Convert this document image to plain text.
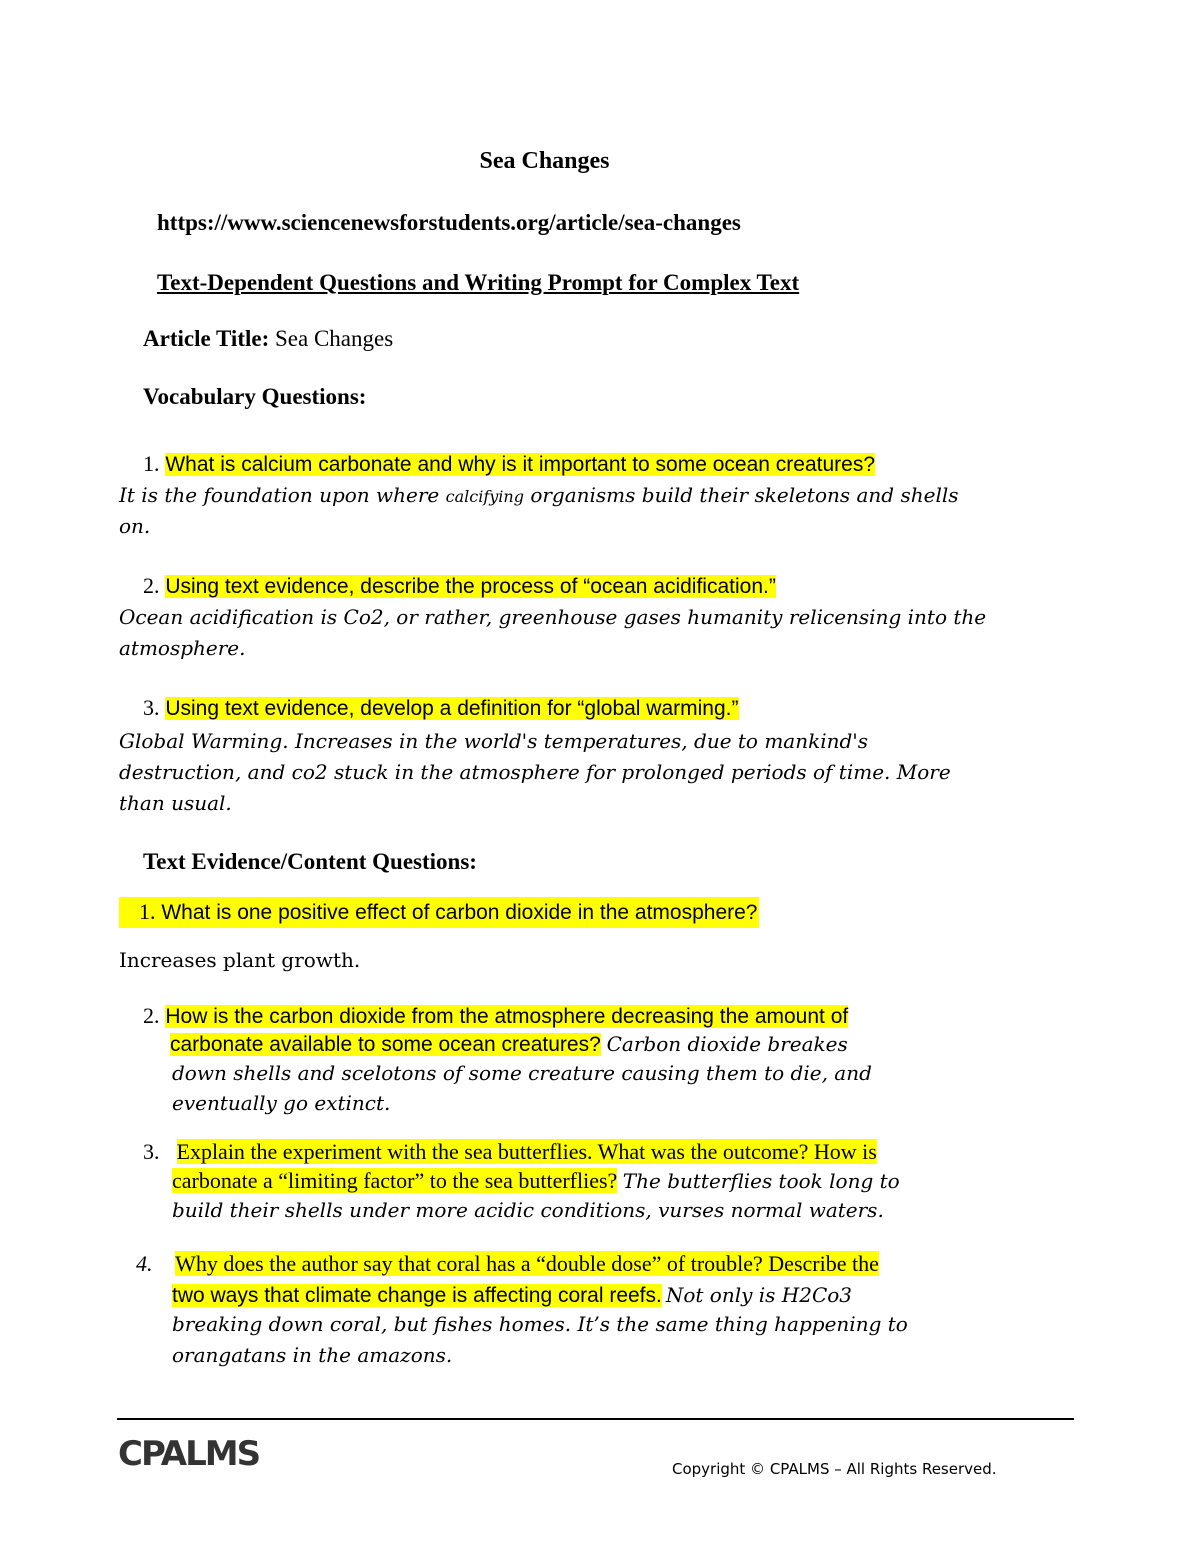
Sea Changes
https://www.sciencenewsforstudents.org/article/sea-changes
Text-Dependent Questions and Writing Prompt for Complex Text
Article Title: Sea Changes
Vocabulary Questions:
1. What is calcium carbonate and why is it important to some ocean creatures?
It is the foundation upon where calcifying organisms build their skeletons and shells
on.
2. Using text evidence, describe the process of “ocean acidification.”
Ocean acidification is Co2, or rather, greenhouse gases humanity relicensing into the
atmosphere.
3. Using text evidence, develop a definition for “global warming.”
Global Warming. Increases in the world's temperatures, due to mankind's
destruction, and co2 stuck in the atmosphere for prolonged periods of time. More
than usual.
Text Evidence/Content Questions:
1. What is one positive effect of carbon dioxide in the atmosphere?
Increases plant growth.
2. How is the carbon dioxide from the atmosphere decreasing the amount of
carbonate available to some ocean creatures? Carbon dioxide breakes
down shells and scelotons of some creature causing them to die, and
eventually go extinct.
3. Explain the experiment with the sea butterflies. What was the outcome? How is
carbonate a “limiting factor” to the sea butterflies? The butterflies took long to
build their shells under more acidic conditions, vurses normal waters.
4. Why does the author say that coral has a “double dose” of trouble? Describe the
two ways that climate change is affecting coral reefs. Not only is H2Co3
breaking down coral, but fishes homes. It’s the same thing happening to
orangatans in the amazons.
CPALMS	Copyright © CPALMS – All Rights Reserved.
